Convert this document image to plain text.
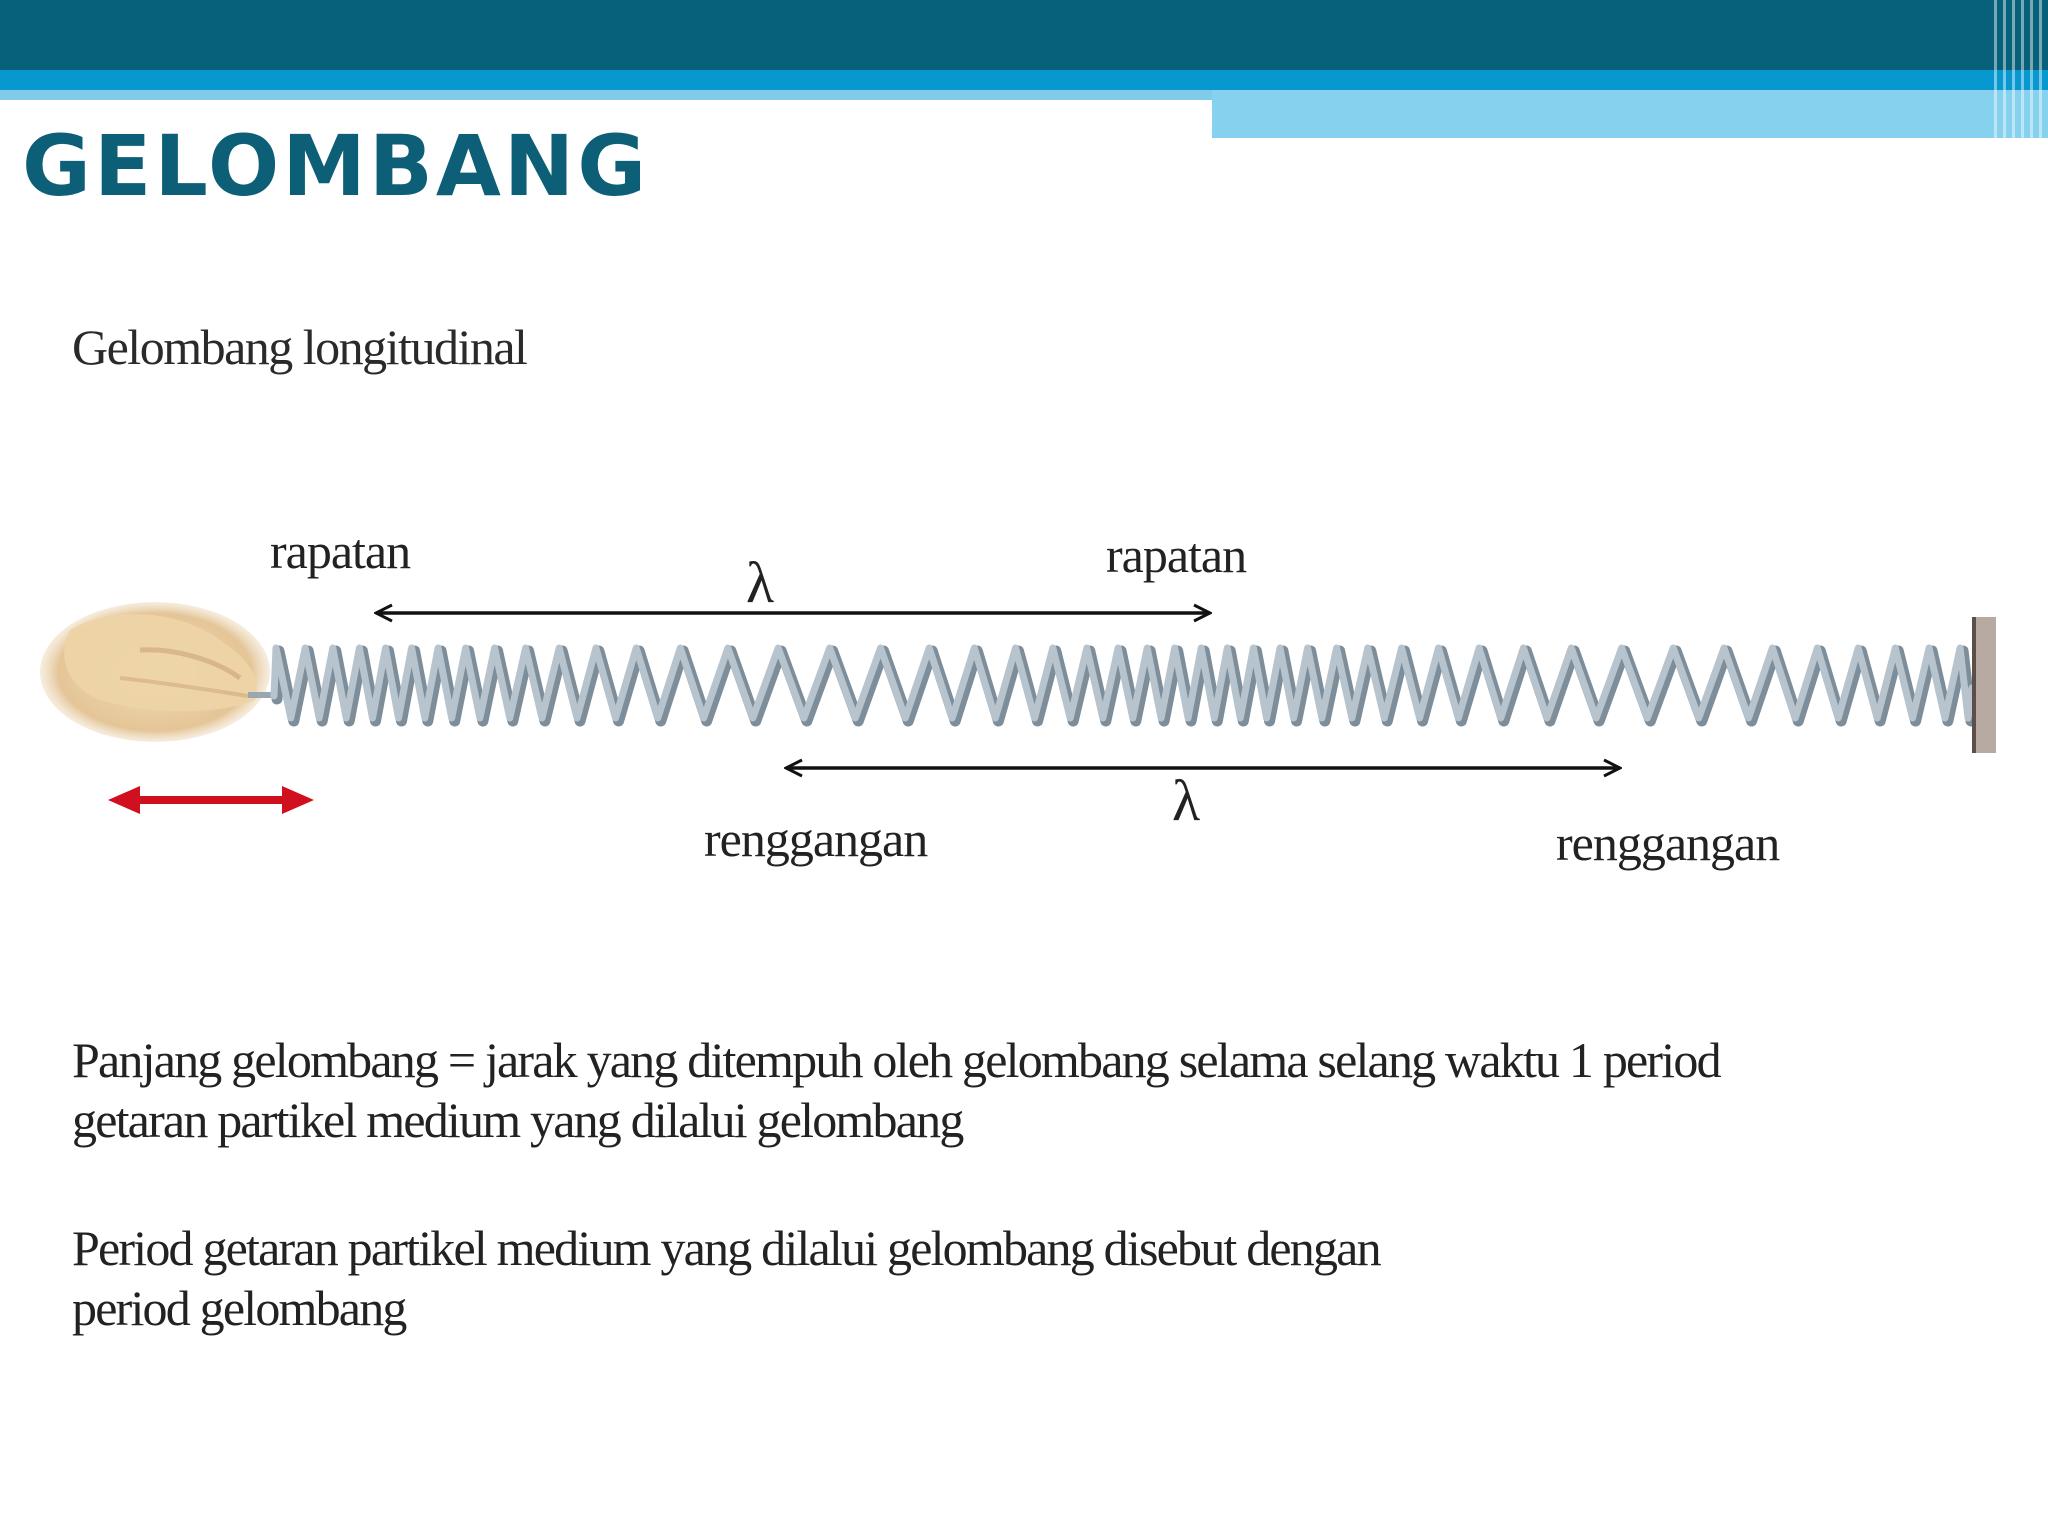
GELOMBANG

Gelombang longitudinal

rapatan	rapatan
λ
λ
renggangan	renggangan

Panjang gelombang = jarak yang ditempuh oleh gelombang selama selang waktu 1 period
getaran partikel medium yang dilalui gelombang

Period getaran partikel medium yang dilalui gelombang disebut dengan
period gelombang
